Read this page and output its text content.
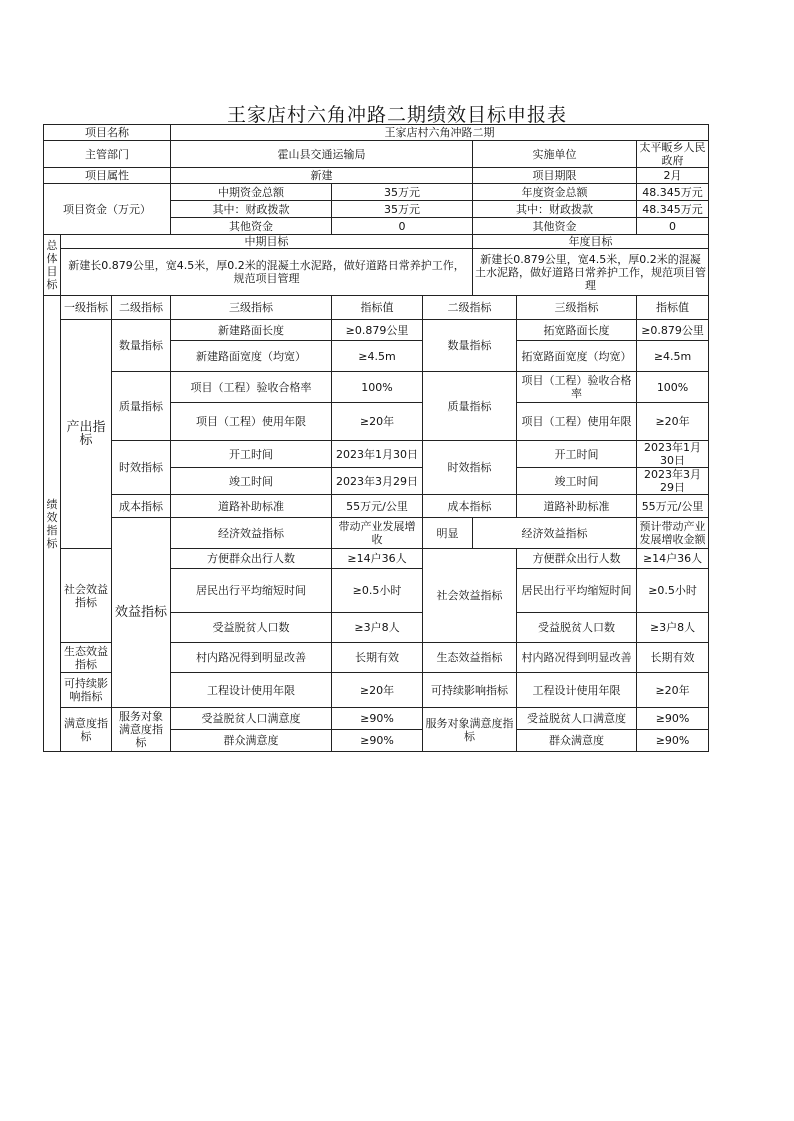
王家店村六角冲路二期绩效目标申报表
项目名称			王家店村六角冲路二期						
主管部门			霍山县交通运输局			实施单位		太平畈乡人民政府	
项目属性			新建			项目期限		2月	
项目资金（万元）			中期资金总额	35万元		年度资金总额		48.345万元	
			其中：财政拨款	35万元		其中：财政拨款		48.345万元	
			其他资金	0		其他资金		0	
总体目标	中期目标					年度目标			
	新建长0.879公里，宽4.5米，厚0.2米的混凝土水泥路，做好道路日常养护工作，规范项目管理					新建长0.879公里，宽4.5米，厚0.2米的混凝土水泥路，做好道路日常养护工作，规范项目管理			
绩效指标	一级指标	二级指标	三级指标	指标值	二级指标		三级指标	指标值	
	产出指标	数量指标	新建路面长度	≥0.879公里	数量指标		拓宽路面长度	≥0.879公里	
			新建路面宽度（均宽）	≥4.5m			拓宽路面宽度（均宽）	≥4.5m	
		质量指标	项目（工程）验收合格率	100%	质量指标		项目（工程）验收合格率	100%	
			项目（工程）使用年限	≥20年			项目（工程）使用年限	≥20年	
		时效指标	开工时间	2023年1月30日	时效指标		开工时间	2023年1月30日	
			竣工时间	2023年3月29日			竣工时间	2023年3月29日	
		成本指标	道路补助标准	55万元/公里	成本指标		道路补助标准	55万元/公里	
		效益指标	经济效益指标	带动产业发展增收	明显	经济效益指标		预计带动产业发展增收金额	
	社会效益指标		方便群众出行人数	≥14户36人	社会效益指标		方便群众出行人数	≥14户36人	
			居民出行平均缩短时间	≥0.5小时			居民出行平均缩短时间	≥0.5小时	
			受益脱贫人口数	≥3户8人			受益脱贫人口数	≥3户8人	
	生态效益指标		村内路况得到明显改善	长期有效	生态效益指标		村内路况得到明显改善	长期有效	
	可持续影响指标		工程设计使用年限	≥20年	可持续影响指标		工程设计使用年限	≥20年	
	满意度指标	服务对象满意度指标	受益脱贫人口满意度	≥90%	服务对象满意度指标		受益脱贫人口满意度	≥90%	
			群众满意度	≥90%			群众满意度	≥90%	
